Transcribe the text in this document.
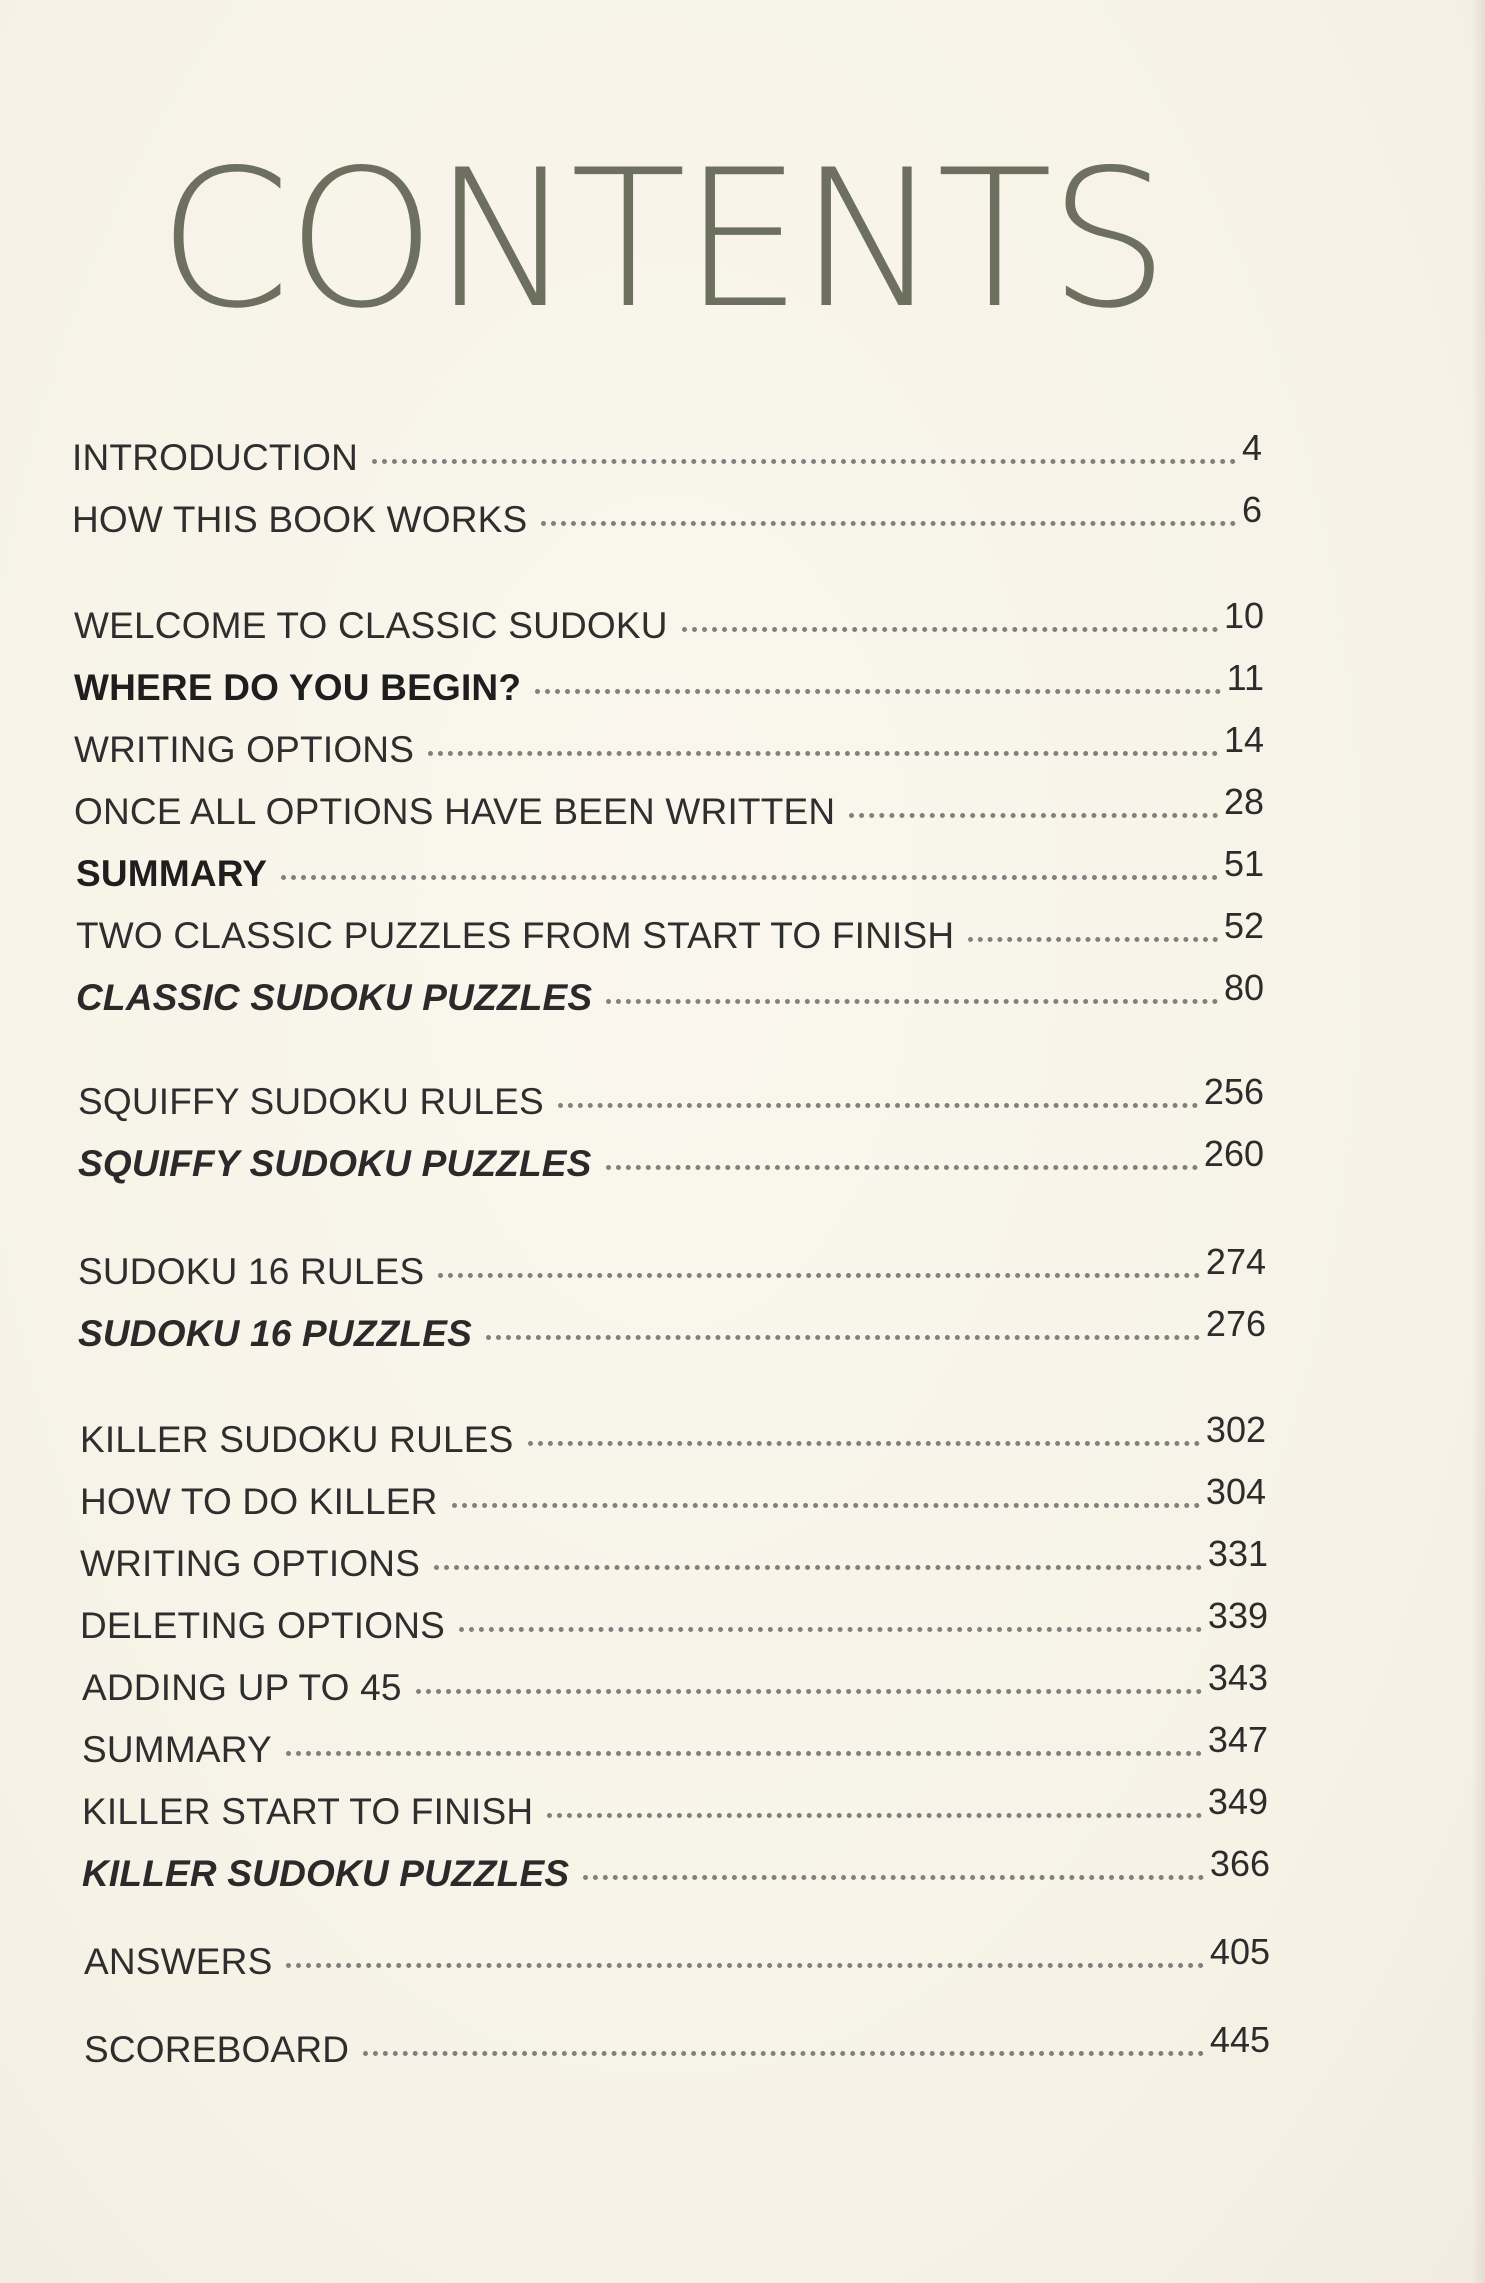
CONTENTS
INTRODUCTION	4
HOW THIS BOOK WORKS	6
WELCOME TO CLASSIC SUDOKU	10
WHERE DO YOU BEGIN?	11
WRITING OPTIONS	14
ONCE ALL OPTIONS HAVE BEEN WRITTEN	28
SUMMARY	51
TWO CLASSIC PUZZLES FROM START TO FINISH	52
CLASSIC SUDOKU PUZZLES	80
SQUIFFY SUDOKU RULES	256
SQUIFFY SUDOKU PUZZLES	260
SUDOKU 16 RULES	274
SUDOKU 16 PUZZLES	276
KILLER SUDOKU RULES	302
HOW TO DO KILLER	304
WRITING OPTIONS	331
DELETING OPTIONS	339
ADDING UP TO 45	343
SUMMARY	347
KILLER START TO FINISH	349
KILLER SUDOKU PUZZLES	366
ANSWERS	405
SCOREBOARD	445
